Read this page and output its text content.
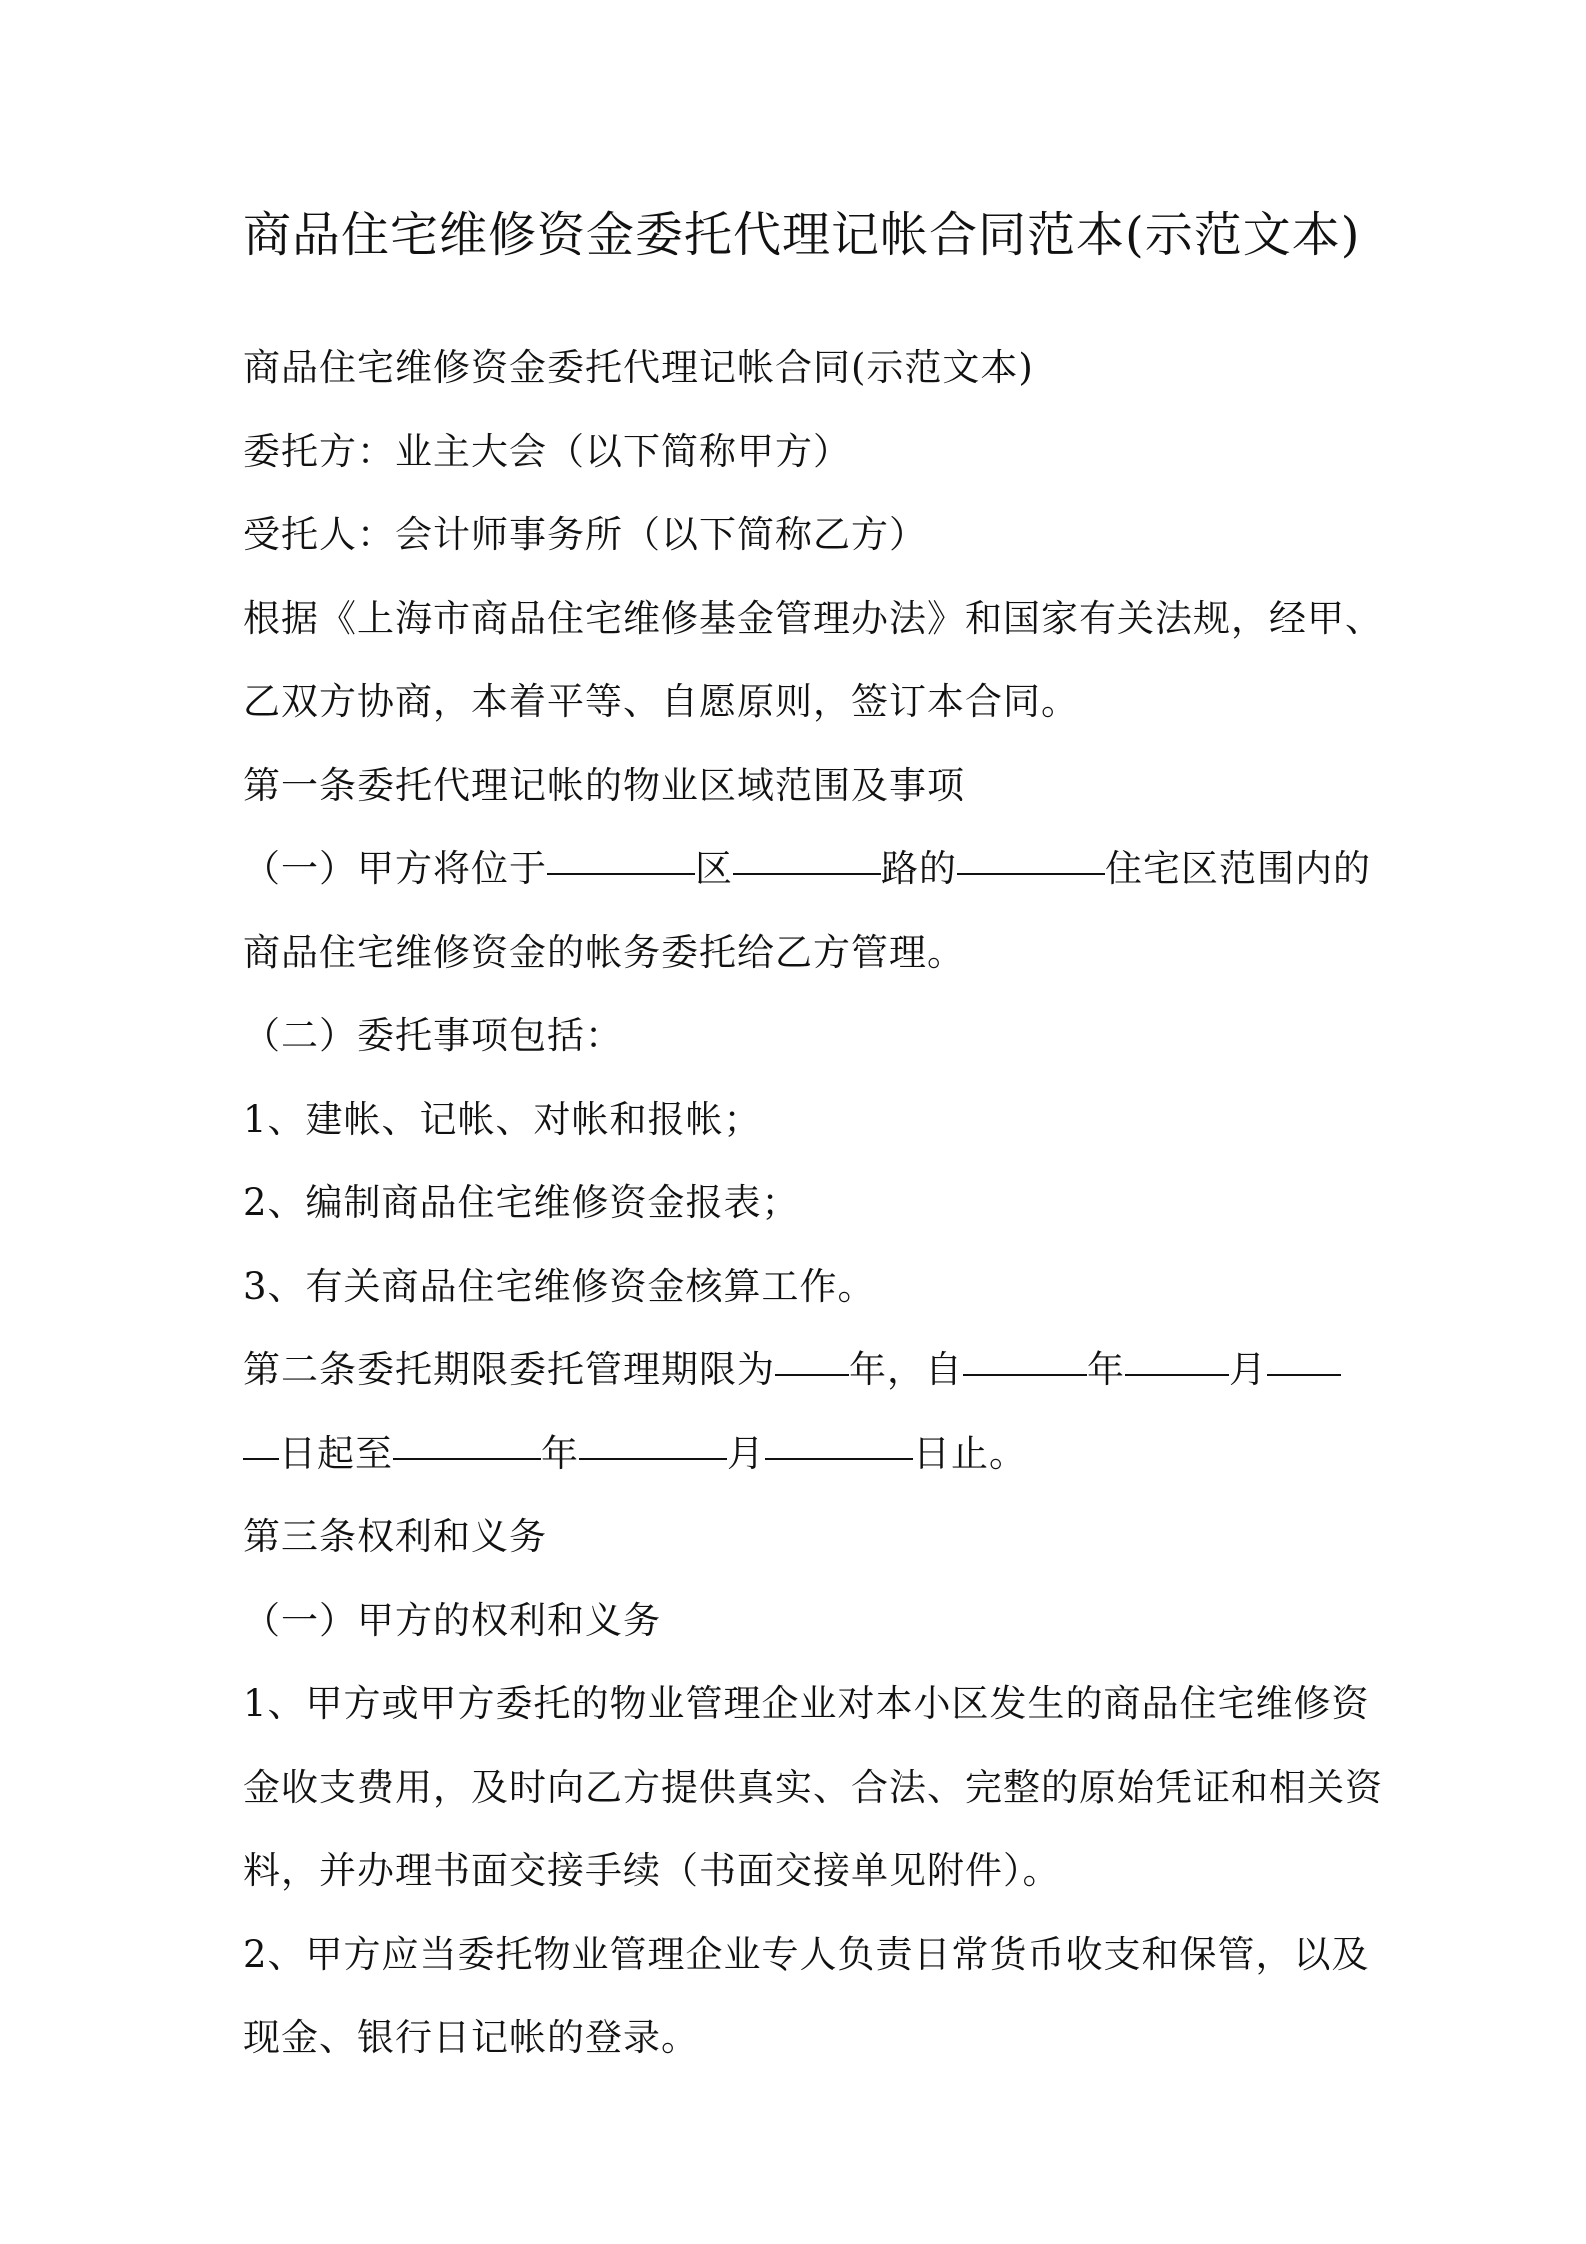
商品住宅维修资金委托代理记帐合同范本(示范文本)
商品住宅维修资金委托代理记帐合同(示范文本)
委托方：业主大会（以下简称甲方）
受托人：会计师事务所（以下简称乙方）
根据《上海市商品住宅维修基金管理办法》和国家有关法规，经甲、
乙双方协商，本着平等、自愿原则，签订本合同。
第一条委托代理记帐的物业区域范围及事项
（一）甲方将位于	区	路的	住宅区范围内的
商品住宅维修资金的帐务委托给乙方管理。
（二）委托事项包括：
1、建帐、记帐、对帐和报帐；
2、编制商品住宅维修资金报表；
3、有关商品住宅维修资金核算工作。
第二条委托期限委托管理期限为 年，自	年	月
日起至	年	月	日止。
第三条权利和义务
（一）甲方的权利和义务
1、甲方或甲方委托的物业管理企业对本小区发生的商品住宅维修资
金收支费用，及时向乙方提供真实、合法、完整的原始凭证和相关资
料，并办理书面交接手续（书面交接单见附件）。
2、甲方应当委托物业管理企业专人负责日常货币收支和保管，以及
现金、银行日记帐的登录。
